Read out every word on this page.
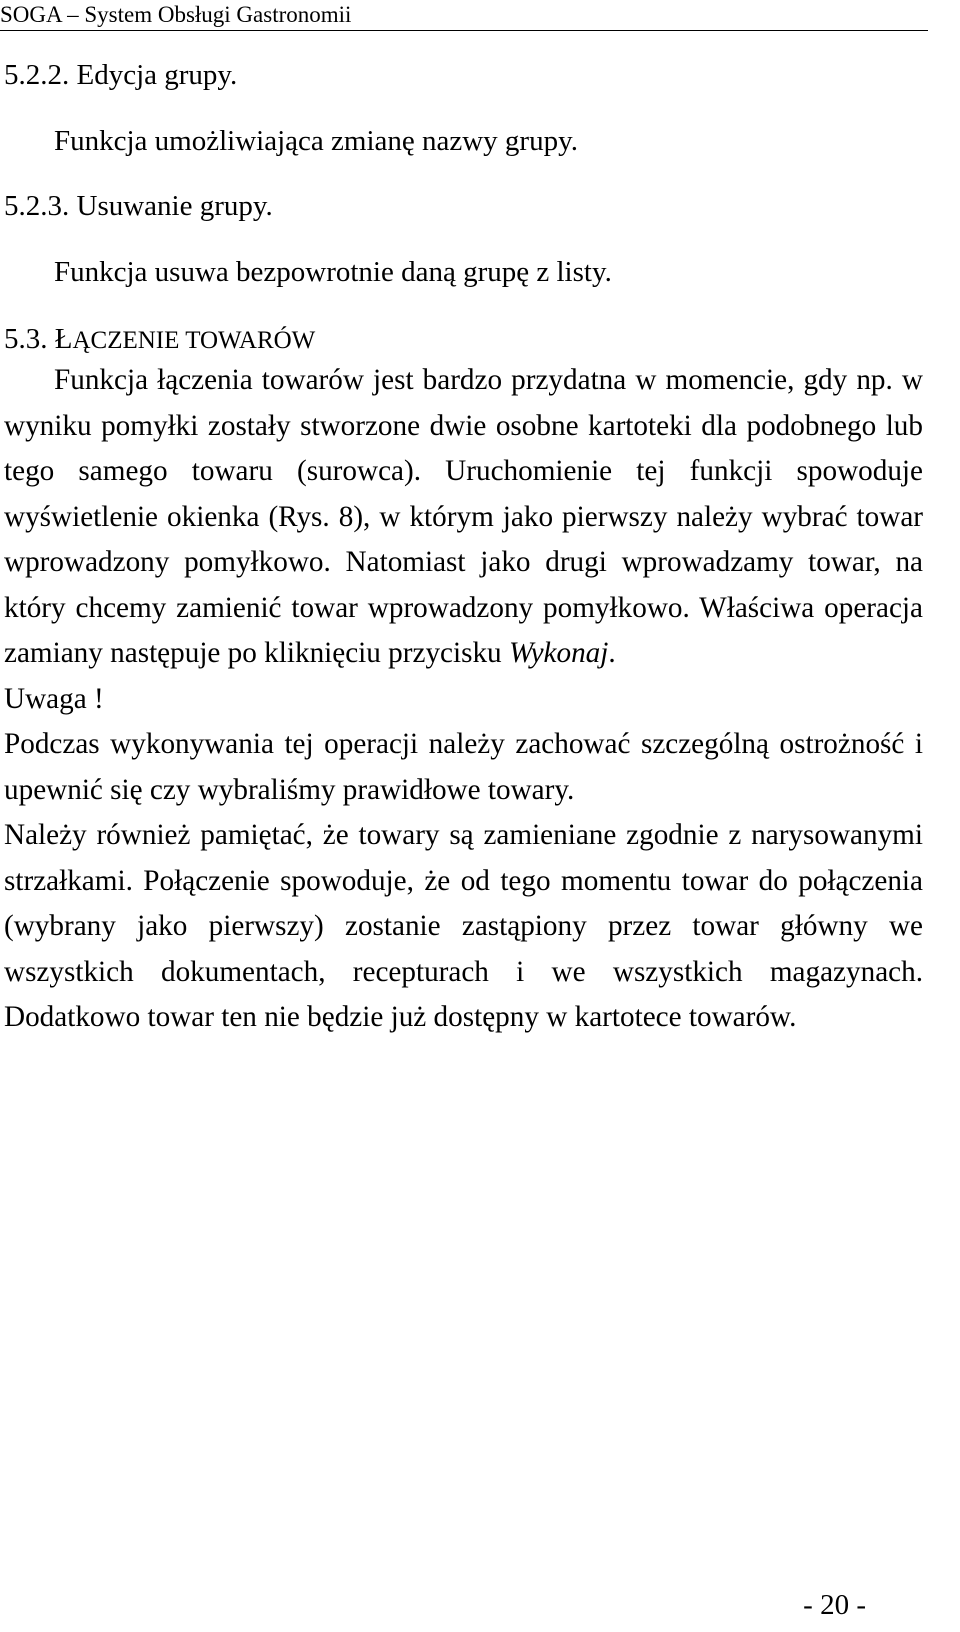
SOGA – System Obsługi Gastronomii
5.2.2. Edycja grupy.
Funkcja umożliwiająca zmianę nazwy grupy.
5.2.3. Usuwanie grupy.
Funkcja usuwa bezpowrotnie daną grupę z listy.
5.3. ŁĄCZENIE TOWARÓW

Funkcja łączenia towarów jest bardzo przydatna w momencie, gdy np. w wyniku pomyłki zostały stworzone dwie osobne kartoteki dla podobnego lub tego samego towaru (surowca). Uruchomienie tej funkcji spowoduje wyświetlenie okienka (Rys. 8), w którym jako pierwszy należy wybrać towar wprowadzony pomyłkowo. Natomiast jako drugi wprowadzamy towar, na który chcemy zamienić towar wprowadzony pomyłkowo. Właściwa operacja zamiany następuje po kliknięciu przycisku Wykonaj.

Uwaga !

Podczas wykonywania tej operacji należy zachować szczególną ostrożność i upewnić się czy wybraliśmy prawidłowe towary.

Należy również pamiętać, że towary są zamieniane zgodnie z narysowanymi strzałkami. Połączenie spowoduje, że od tego momentu towar do połączenia (wybrany jako pierwszy) zostanie zastąpiony przez towar główny we wszystkich dokumentach, recepturach i we wszystkich magazynach. Dodatkowo towar ten nie będzie już dostępny w kartotece towarów.

- 20 -
